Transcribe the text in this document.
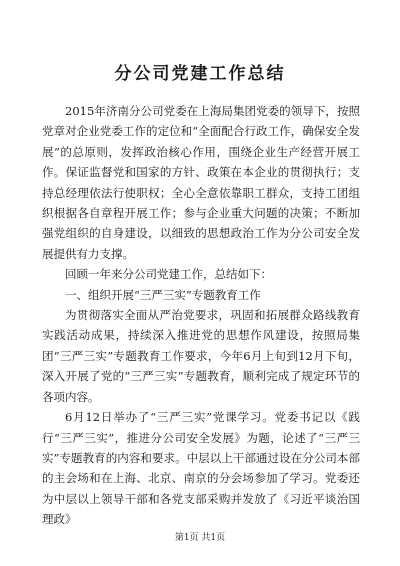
分公司党建工作总结

2015年济南分公司党委在上海局集团党委的领导下，按照党章对企业党委工作的定位和“全面配合行政工作，确保安全发展”的总原则，发挥政治核心作用，围绕企业生产经营开展工作。保证监督党和国家的方针、政策在本企业的贯彻执行；支持总经理依法行使职权；全心全意依靠职工群众，支持工团组织根据各自章程开展工作；参与企业重大问题的决策；不断加强党组织的自身建设，以细致的思想政治工作为分公司安全发展提供有力支撑。

回顾一年来分公司党建工作，总结如下：

一、组织开展“三严三实”专题教育工作

为贯彻落实全面从严治党要求，巩固和拓展群众路线教育实践活动成果，持续深入推进党的思想作风建设，按照局集团“三严三实”专题教育工作要求，今年6月上旬到12月下旬，深入开展了党的“三严三实”专题教育，顺利完成了规定环节的各项内容。

6月12日举办了“三严三实”党课学习。党委书记以《践行“三严三实”，推进分公司安全发展》为题，论述了“三严三实”专题教育的内容和要求。中层以上干部通过设在分公司本部的主会场和在上海、北京、南京的分会场参加了学习。党委还为中层以上领导干部和各党支部采购并发放了《习近平谈治国理政》

第1页 共1页
